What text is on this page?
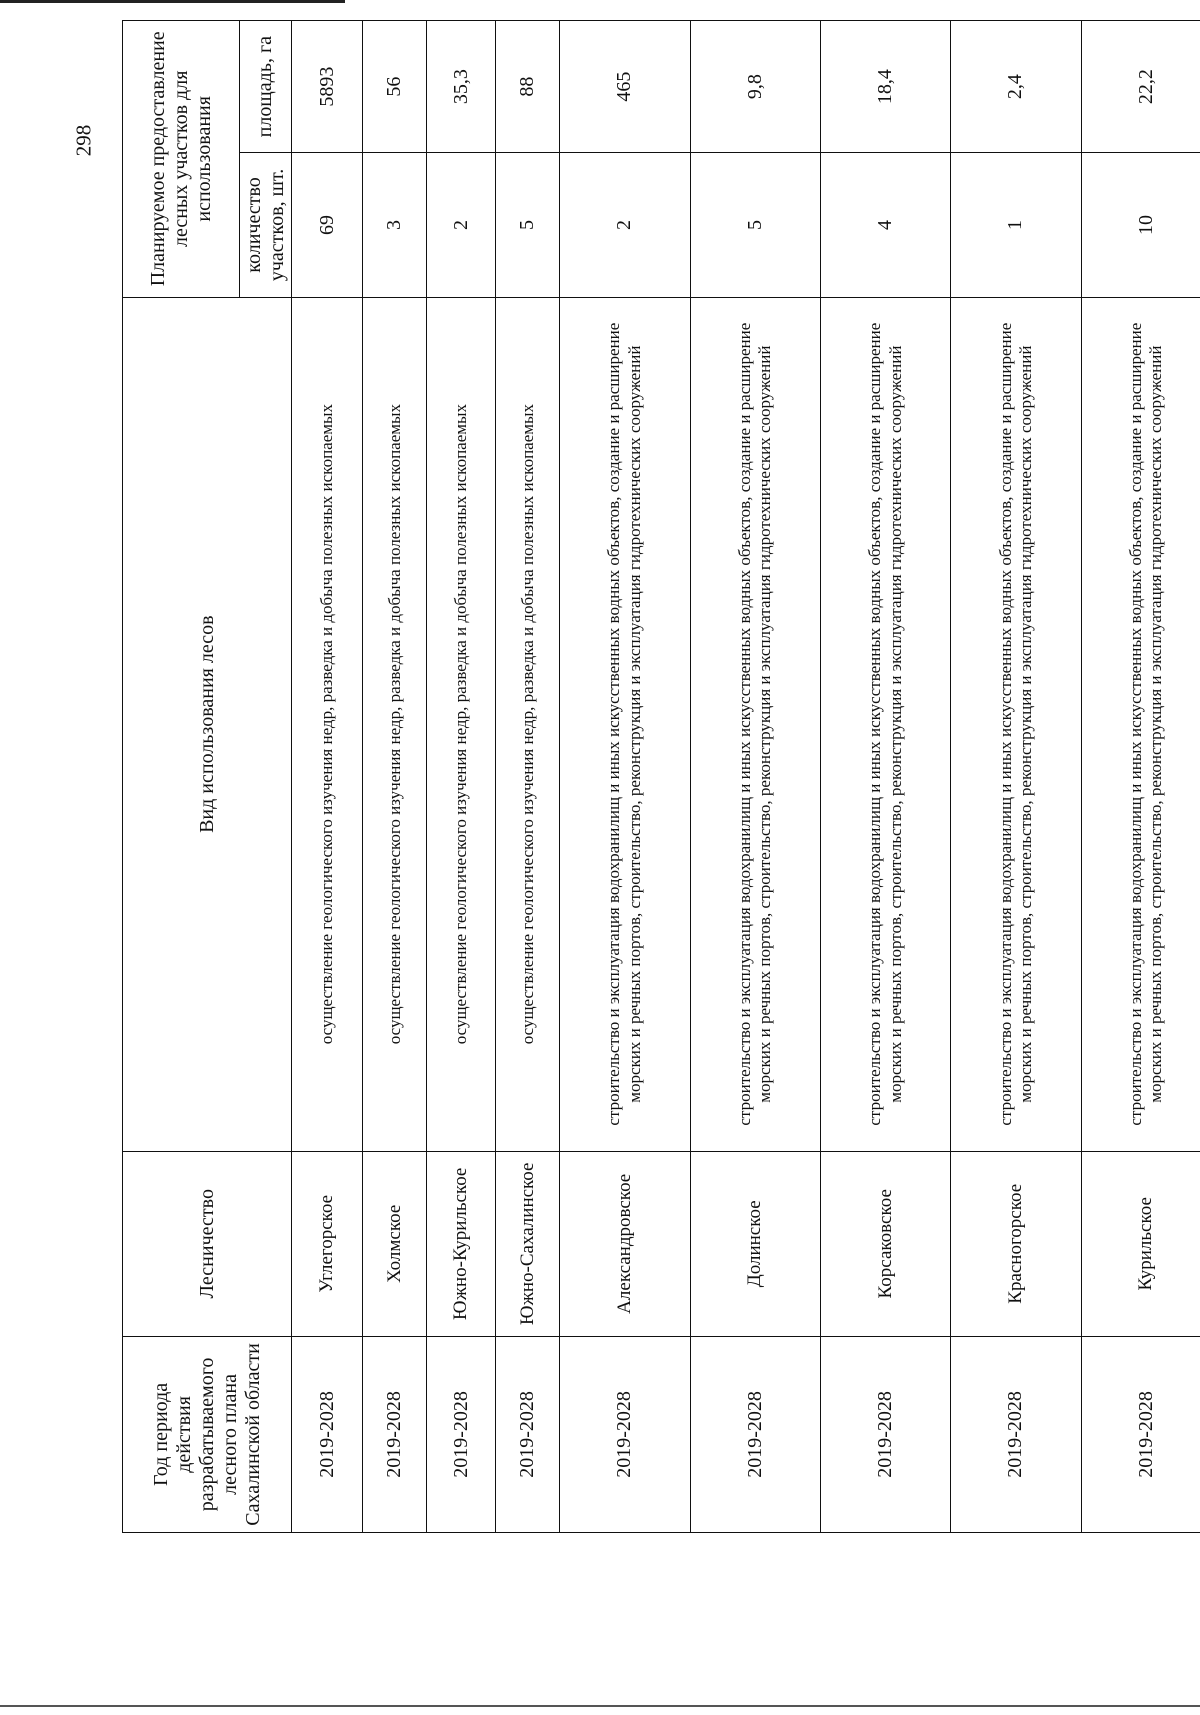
298
Год периода действия разрабатываемого лесного плана Сахалинской области	Лесничество	Вид использования лесов	Планируемое предоставление лесных участков для использования	
			количество участков, шт.	площадь, га
2019-2028	Углегорское	осуществление геологического изучения недр, разведка и добыча полезных ископаемых	69	5893
2019-2028	Холмское	осуществление геологического изучения недр, разведка и добыча полезных ископаемых	3	56
2019-2028	Южно-Курильское	осуществление геологического изучения недр, разведка и добыча полезных ископаемых	2	35,3
2019-2028	Южно-Сахалинское	осуществление геологического изучения недр, разведка и добыча полезных ископаемых	5	88
2019-2028	Александровское	строительство и эксплуатация водохранилищ и иных искусственных водных объектов, создание и расширение морских и речных портов, строительство, реконструкция и эксплуатация гидротехнических сооружений	2	465
2019-2028	Долинское	строительство и эксплуатация водохранилищ и иных искусственных водных объектов, создание и расширение морских и речных портов, строительство, реконструкция и эксплуатация гидротехнических сооружений	5	9,8
2019-2028	Корсаковское	строительство и эксплуатация водохранилищ и иных искусственных водных объектов, создание и расширение морских и речных портов, строительство, реконструкция и эксплуатация гидротехнических сооружений	4	18,4
2019-2028	Красногорское	строительство и эксплуатация водохранилищ и иных искусственных водных объектов, создание и расширение морских и речных портов, строительство, реконструкция и эксплуатация гидротехнических сооружений	1	2,4
2019-2028	Курильское	строительство и эксплуатация водохранилищ и иных искусственных водных объектов, создание и расширение морских и речных портов, строительство, реконструкция и эксплуатация гидротехнических сооружений	10	22,2
